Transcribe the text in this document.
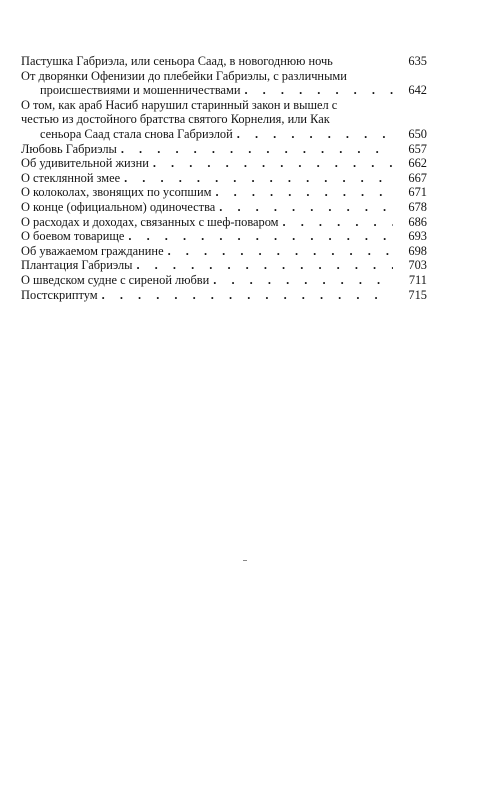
Пастушка Габриэла, или сеньора Саад, в новогоднюю ночь	635
От дворянки Офенизии до плебейки Габриэлы, с различными
происшествиями и мошенничествами . . .	642
О том, как араб Насиб нарушил старинный закон и вышел с
честью из достойного братства святого Корнелия, или Как
сеньора Саад стала снова Габриэлой . . .	650
Любовь Габриэлы . . .	657
Об удивительной жизни . . .	662
О стеклянной змее . . .	667
О колоколах, звонящих по усопшим . . .	671
О конце (официальном) одиночества . . .	678
О расходах и доходах, связанных с шеф-поваром . . .	686
О боевом товарище . . .	693
Об уважаемом гражданине . . .	698
Плантация Габриэлы . . .	703
О шведском судне с сиреной любви . . .	711
Постскриптум . . .	715
